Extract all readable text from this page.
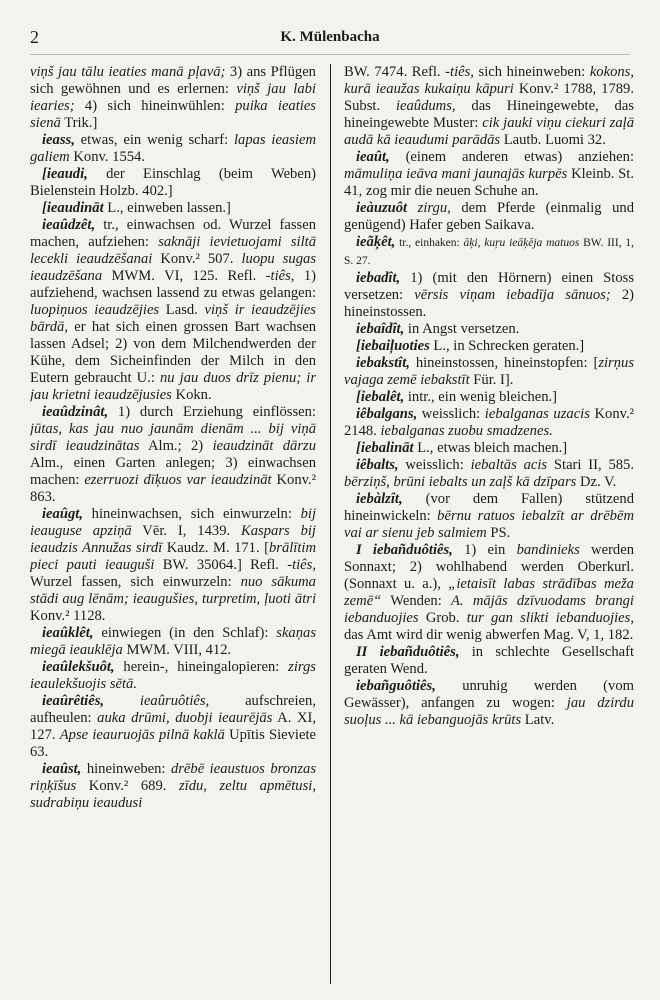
2	K. Mülenbacha

viņš jau tālu ieaties manā pļavā; 3) ans Pflügen sich gewöhnen und es erlernen: viņš jau labi iearies; 4) sich hineinwühlen: puika ieaties sienā Trik.]

ieass, etwas, ein wenig scharf: lapas ieasiem galiem Konv. 1554.

[ieaudi, der Einschlag (beim Weben) Bielenstein Holzb. 402.]

[ieaudināt L., einweben lassen.]

ieaûdzêt, tr., einwachsen od. Wurzel fassen machen, aufziehen: saknāji ievietuojami siltā lecekli ieaudzēšanai Konv.² 507. luopu sugas ieaudzēšana MWM. VI, 125. Refl. -tiês, 1) aufziehend, wachsen lassend zu etwas gelangen: luopiņuos ieaudzējies Lasd. viņš ir ieaudzējies bārdā, er hat sich einen grossen Bart wachsen lassen Adsel; 2) von dem Milchendwerden der Kühe, dem Sicheinfinden der Milch in den Eutern gebraucht U.: nu jau duos drīz pienu; ir jau krietni ieaudzējusies Kokn.

ieaûdzinât, 1) durch Erziehung einflössen: jūtas, kas jau nuo jaunām dienām ... bij viņā sirdī ieaudzinātas Alm.; 2) ieaudzināt dārzu Alm., einen Garten anlegen; 3) einwachsen machen: ezerruozi dīķuos var ieaudzināt Konv.² 863.

ieaûgt, hineinwachsen, sich einwurzeln: bij ieauguse apziņā Vēr. I, 1439. Kaspars bij ieaudzis Annužas sirdī Kaudz. M. 171. [brālītim pieci pauti ieauguši BW. 35064.] Refl. -tiês, Wurzel fassen, sich einwurzeln: nuo sākuma stādi aug lēnām; ieaugušies, turpretim, ļuoti ātri Konv.² 1128.

ieaûklêt, einwiegen (in den Schlaf): skaņas miegā ieauklēja MWM. VIII, 412.

ieaûlekšuôt, herein-, hineingalopieren: zirgs ieaulekšuojis sētā.

ieaûrêtiês, ieaûruôtiês, aufschreien, aufheulen: auka drūmi, duobji ieaurējās A. XI, 127. Apse ieauruojās pilnā kaklā Upītis Sieviete 63.

ieaûst, hineinweben: drēbē ieaustuos bronzas riņķīšus Konv.² 689. zīdu, zeltu apmētusi, sudrabiņu ieaudusi

BW. 7474. Refl. -tiês, sich hineinweben: kokons, kurā ieaužas kukaiņu kāpuri Konv.² 1788, 1789. Subst. ieaûdums, das Hineingewebte, das hineingewebte Muster: cik jauki viņu ciekuri zaļā audā kā ieaudumi parādās Lautb. Luomi 32.

ieaût, (einem anderen etwas) anziehen: māmuliņa ieāva mani jaunajās kurpēs Kleinb. St. 41, zog mir die neuen Schuhe an.

ieàuzuôt zirgu, dem Pferde (einmalig und genügend) Hafer geben Saikava.

ieãķêt, tr., einhaken: āķi, kuŗu ieāķēja matuos BW. III, 1, S. 27.

iebadît, 1) (mit den Hörnern) einen Stoss versetzen: vērsis viņam iebadīja sānuos; 2) hineinstossen.

iebaîdît, in Angst versetzen.

[iebaiļuoties L., in Schrecken geraten.]

iebakstît, hineinstossen, hineinstopfen: [zirņus vajaga zemē iebakstīt Für. I].

[iebalêt, intr., ein wenig bleichen.]

iêbalgans, weisslich: iebalganas uzacis Konv.² 2148. iebalganas zuobu smadzenes.

[iebalināt L., etwas bleich machen.]

iêbalts, weisslich: iebaltās acis Stari II, 585. bērziņš, brūni iebalts un zaļš kā dzīpars Dz. V.

iebàlzît, (vor dem Fallen) stützend hineinwickeln: bērnu ratuos iebalzīt ar drēbēm vai ar sienu jeb salmiem PS.

I iebañduôtiês, 1) ein bandinieks werden Sonnaxt; 2) wohlhabend werden Oberkurl. (Sonnaxt u. a.), „ietaisīt labas strādības meža zemē“ Wenden: A. mājās dzīvuodams brangi iebanduojies Grob. tur gan slikti iebanduojies, das Amt wird dir wenig abwerfen Mag. V, 1, 182.

II iebañduôtiês, in schlechte Gesellschaft geraten Wend.

iebañguôtiês, unruhig werden (vom Gewässer), anfangen zu wogen: jau dzirdu suoļus ... kā iebanguojās krūts Latv.
